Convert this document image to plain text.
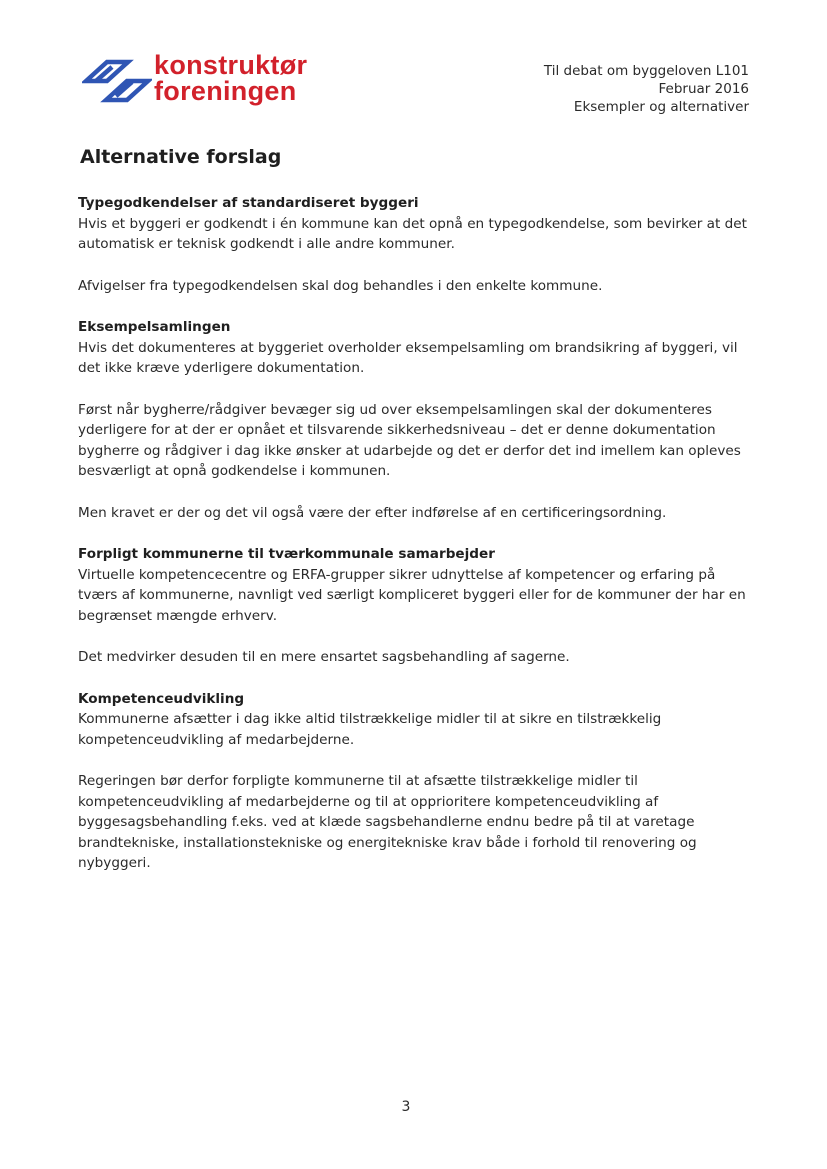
konstruktør
foreningen
Til debat om byggeloven L101
Februar 2016
Eksempler og alternativer
Alternative forslag
Typegodkendelser af standardiseret byggeri

Hvis et byggeri er godkendt i én kommune kan det opnå en typegodkendelse, som bevirker at det automatisk er teknisk godkendt i alle andre kommuner.

Afvigelser fra typegodkendelsen skal dog behandles i den enkelte kommune.

Eksempelsamlingen

Hvis det dokumenteres at byggeriet overholder eksempelsamling om brandsikring af byggeri, vil det ikke kræve yderligere dokumentation.

Først når bygherre/rådgiver bevæger sig ud over eksempelsamlingen skal der dokumenteres yderligere for at der er opnået et tilsvarende sikkerhedsniveau – det er denne dokumentation bygherre og rådgiver i dag ikke ønsker at udarbejde og det er derfor det ind imellem kan opleves besværligt at opnå godkendelse i kommunen.

Men kravet er der og det vil også være der efter indførelse af en certificeringsordning.

Forpligt kommunerne til tværkommunale samarbejder

Virtuelle kompetencecentre og ERFA-grupper sikrer udnyttelse af kompetencer og erfaring på tværs af kommunerne, navnligt ved særligt kompliceret byggeri eller for de kommuner der har en begrænset mængde erhverv.

Det medvirker desuden til en mere ensartet sagsbehandling af sagerne.

Kompetenceudvikling

Kommunerne afsætter i dag ikke altid tilstrækkelige midler til at sikre en tilstrækkelig kompetenceudvikling af medarbejderne.

Regeringen bør derfor forpligte kommunerne til at afsætte tilstrækkelige midler til kompetenceudvikling af medarbejderne og til at opprioritere kompetenceudvikling af byggesagsbehandling f.eks. ved at klæde sagsbehandlerne endnu bedre på til at varetage brandtekniske, installationstekniske og energitekniske krav både i forhold til renovering og nybyggeri.

3
